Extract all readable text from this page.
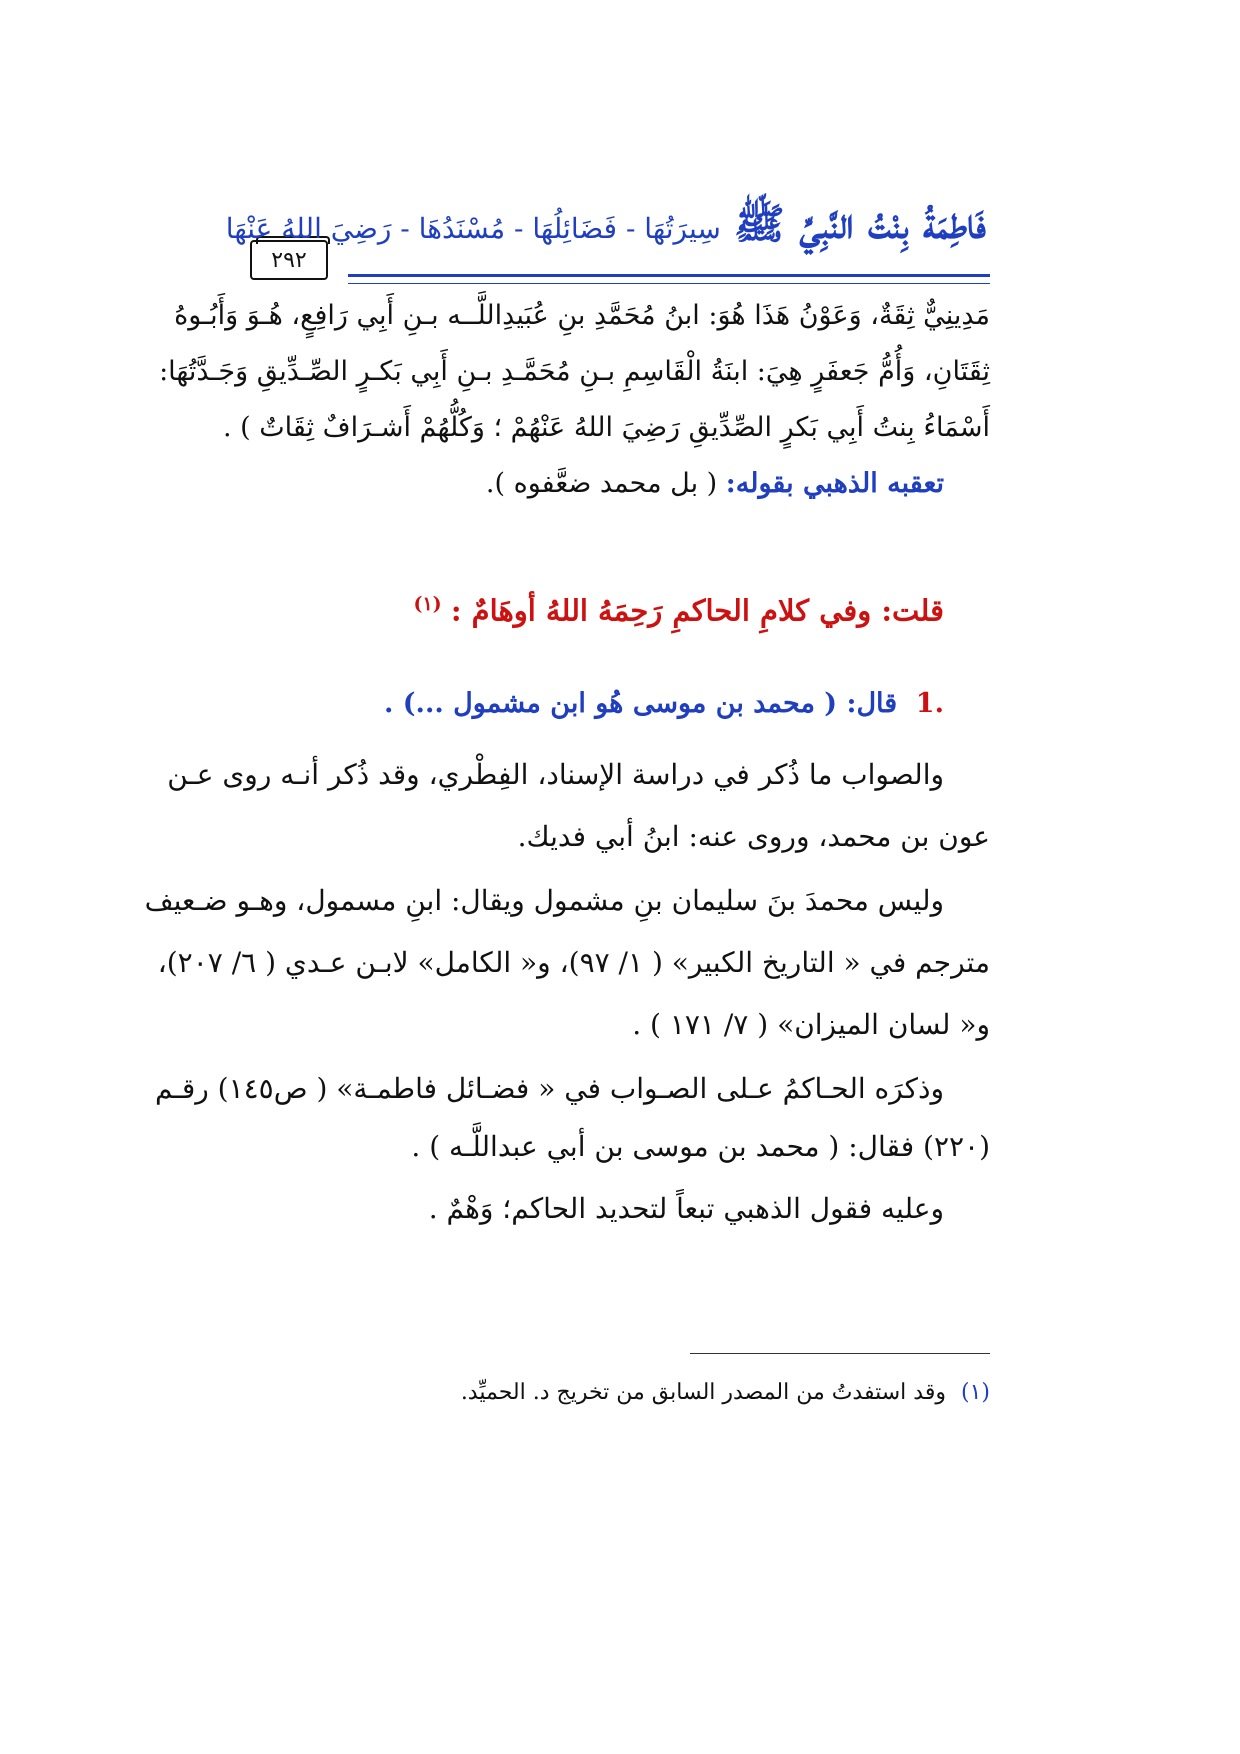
٢٩٢
فَاطِمَةُ بِنْتُ النَّبِيِّ ﷺ سِيرَتُهَا - فَضَائِلُهَا - مُسْنَدُهَا - رَضِيَ اللهُ عَنْهَا
مَدِينِيٌّ ثِقَةٌ، وَعَوْنُ هَذَا هُوَ: ابنُ مُحَمَّدِ بنِ عُبَيدِاللَّــه بـنِ أَبِي رَافِعٍ، هُـوَ وَأَبُـوهُ
ثِقَتَانِ، وَأُمُّ جَعفَرٍ هِيَ: ابنَةُ الْقَاسِمِ بـنِ مُحَمَّـدِ بـنِ أَبِي بَكـرٍ الصِّـدِّيقِ وَجَـدَّتُهَا:
أَسْمَاءُ بِنتُ أَبِي بَكرٍ الصِّدِّيقِ رَضِيَ اللهُ عَنْهُمْ ؛ وَكُلُّهُمْ أَشـرَافٌ ثِقَاتٌ ) .
تعقبه الذهبي بقوله: ( بل محمد ضعَّفوه ).
قلت: وفي كلامِ الحاكمِ رَحِمَهُ اللهُ أوهَامٌ : $^{(١)}$
.1 قال: ( محمد بن موسى هُو ابن مشمول ...) .
والصواب ما ذُكر في دراسة الإسناد، الفِطْري، وقد ذُكر أنـه روى عـن
عون بن محمد، وروى عنه: ابنُ أبي فديك.
وليس محمدَ بنَ سليمان بنِ مشمول ويقال: ابنِ مسمول، وهـو ضـعيف
مترجم في « التاريخ الكبير» ( ١/ ٩٧)، و« الكامل» لابـن عـدي ( ٦/ ٢٠٧)،
و« لسان الميزان» ( ٧/ ١٧١ ) .
وذكرَه الحـاكمُ عـلى الصـواب في « فضـائل فاطمـة» ( ص١٤٥) رقـم
(٢٢٠) فقال: ( محمد بن موسى بن أبي عبداللَّـه ) .
وعليه فقول الذهبي تبعاً لتحديد الحاكم؛ وَهْمٌ .
(١) وقد استفدتُ من المصدر السابق من تخريج د. الحميِّد.
